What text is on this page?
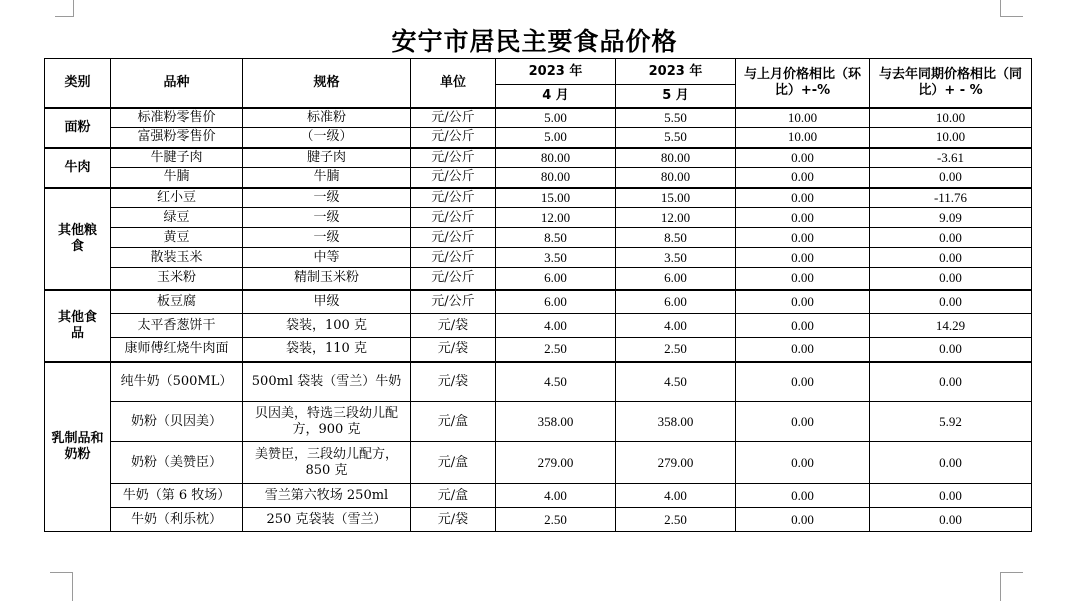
安宁市居民主要食品价格
类别	品种	规格	单位	2023 年	2023 年	与上月价格相比（环比）+-%	与去年同期价格相比（同比）+ - %
				4 月	5 月		
面粉	标准粉零售价	标准粉	元/公斤	5.00	5.50	10.00	10.00
	富强粉零售价	（一级）	元/公斤	5.00	5.50	10.00	10.00
牛肉	牛腱子肉	腱子肉	元/公斤	80.00	80.00	0.00	-3.61
	牛腩	牛腩	元/公斤	80.00	80.00	0.00	0.00
其他粮食	红小豆	一级	元/公斤	15.00	15.00	0.00	-11.76
	绿豆	一级	元/公斤	12.00	12.00	0.00	9.09
	黄豆	一级	元/公斤	8.50	8.50	0.00	0.00
	散装玉米	中等	元/公斤	3.50	3.50	0.00	0.00
	玉米粉	精制玉米粉	元/公斤	6.00	6.00	0.00	0.00
其他食品	板豆腐	甲级	元/公斤	6.00	6.00	0.00	0.00
	太平香葱饼干	袋装，100 克	元/袋	4.00	4.00	0.00	14.29
	康师傅红烧牛肉面	袋装，110 克	元/袋	2.50	2.50	0.00	0.00
乳制品和奶粉	纯牛奶（500ML）	500ml 袋装（雪兰）牛奶	元/袋	4.50	4.50	0.00	0.00
	奶粉（贝因美）	贝因美，特选三段幼儿配方，900 克	元/盒	358.00	358.00	0.00	5.92
	奶粉（美赞臣）	美赞臣，三段幼儿配方，850 克	元/盒	279.00	279.00	0.00	0.00
	牛奶（第 6 牧场）	雪兰第六牧场 250ml	元/盒	4.00	4.00	0.00	0.00
	牛奶（利乐枕）	250 克袋装（雪兰）	元/袋	2.50	2.50	0.00	0.00
